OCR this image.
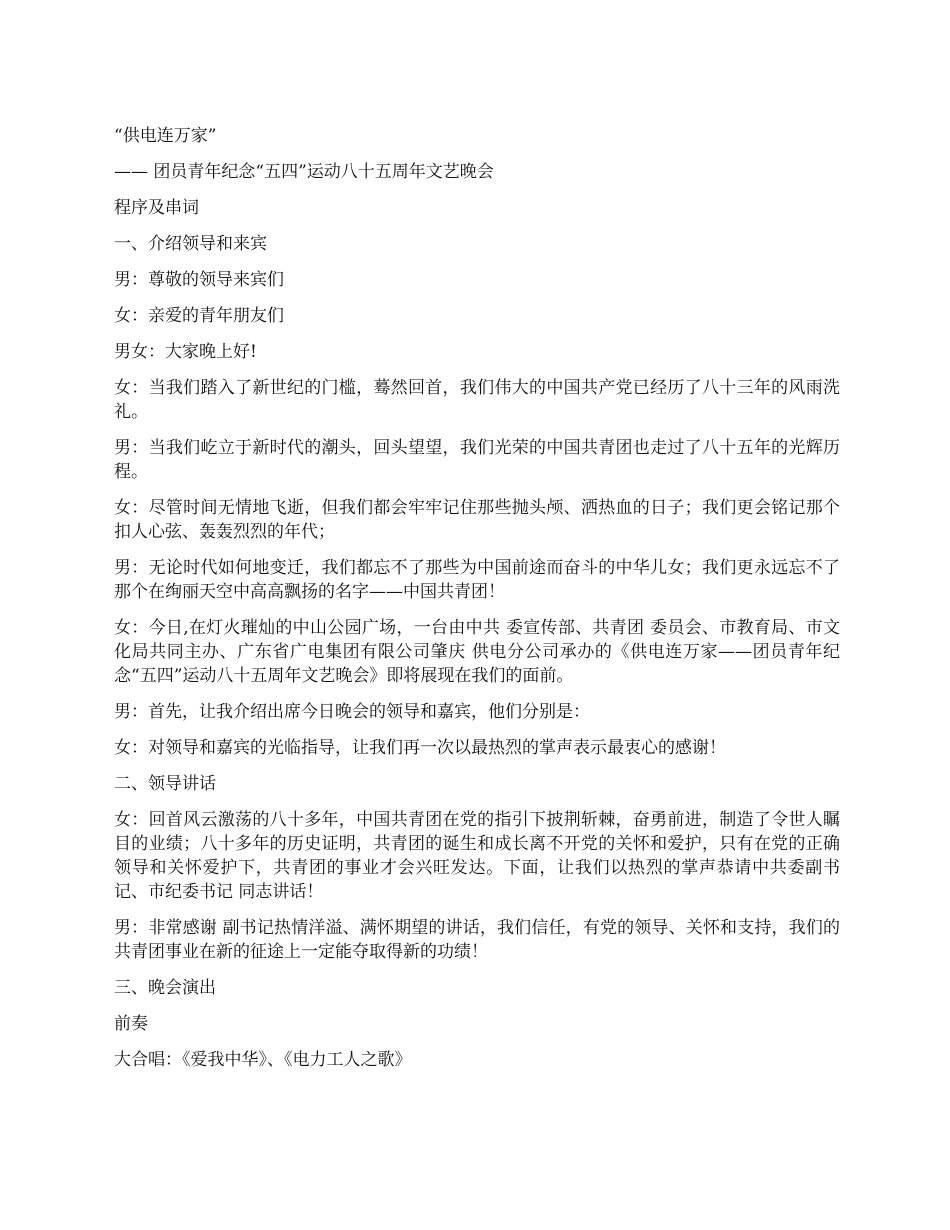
“供电连万家”

—— 团员青年纪念“五四”运动八十五周年文艺晚会

程序及串词

一、介绍领导和来宾

男：尊敬的领导来宾们

女：亲爱的青年朋友们

男女：大家晚上好!

女：当我们踏入了新世纪的门槛，蓦然回首，我们伟大的中国共产党已经历了八十三年的风雨洗礼。

男：当我们屹立于新时代的潮头，回头望望，我们光荣的中国共青团也走过了八十五年的光辉历程。

女：尽管时间无情地飞逝，但我们都会牢牢记住那些抛头颅、洒热血的日子；我们更会铭记那个扣人心弦、轰轰烈烈的年代；

男：无论时代如何地变迁，我们都忘不了那些为中国前途而奋斗的中华儿女；我们更永远忘不了那个在绚丽天空中高高飘扬的名字——中国共青团！

女：今日,在灯火璀灿的中山公园广场，一台由中共 委宣传部、共青团 委员会、市教育局、市文化局共同主办、广东省广电集团有限公司肇庆 供电分公司承办的《供电连万家——团员青年纪念“五四”运动八十五周年文艺晚会》即将展现在我们的面前。

男：首先，让我介绍出席今日晚会的领导和嘉宾，他们分别是：

女：对领导和嘉宾的光临指导，让我们再一次以最热烈的掌声表示最衷心的感谢！

二、领导讲话

女：回首风云激荡的八十多年，中国共青团在党的指引下披荆斩棘，奋勇前进，制造了令世人瞩目的业绩；八十多年的历史证明，共青团的诞生和成长离不开党的关怀和爱护，只有在党的正确领导和关怀爱护下，共青团的事业才会兴旺发达。下面，让我们以热烈的掌声恭请中共委副书记、市纪委书记 同志讲话！

男：非常感谢 副书记热情洋溢、满怀期望的讲话，我们信任，有党的领导、关怀和支持，我们的共青团事业在新的征途上一定能夺取得新的功绩！

三、晚会演出

前奏

大合唱：《爱我中华》、《电力工人之歌》
